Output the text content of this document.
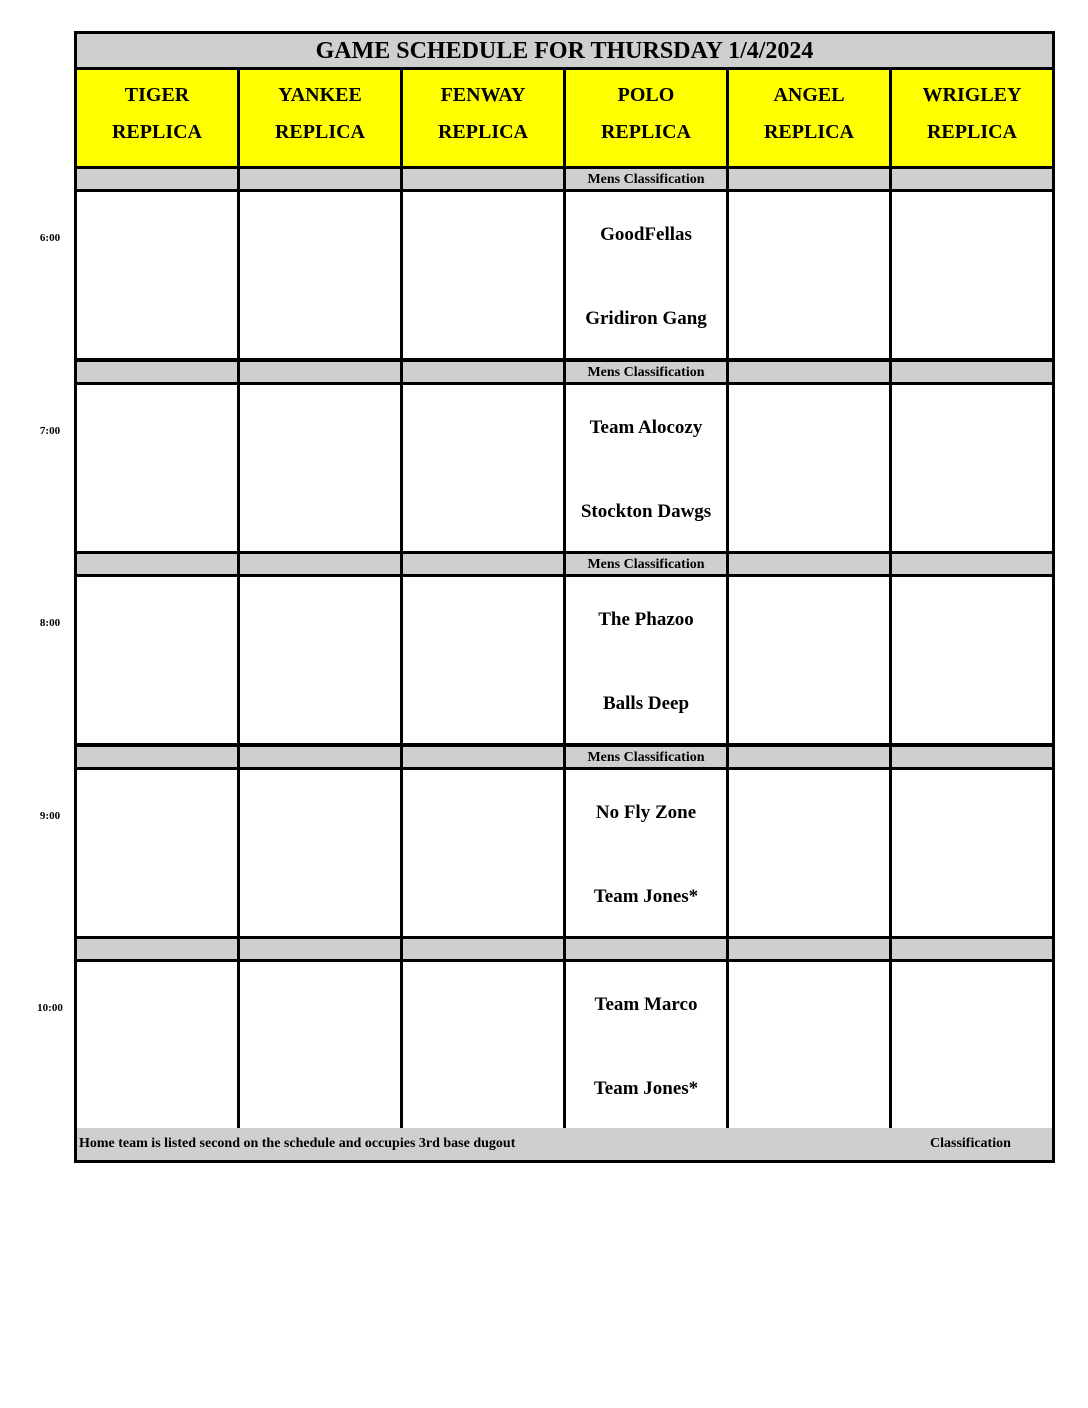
GAME SCHEDULE FOR THURSDAY 1/4/2024
TIGER
REPLICA
YANKEE
REPLICA
FENWAY
REPLICA
POLO
REPLICA
ANGEL
REPLICA
WRIGLEY
REPLICA
Mens Classification
GoodFellas
Gridiron Gang
Mens Classification
Team Alocozy
Stockton Dawgs
Mens Classification
The Phazoo
Balls Deep
Mens Classification
No Fly Zone
Team Jones*
Team Marco
Team Jones*
Home team is listed second on the schedule and occupies 3rd base dugout	Classification
6:00
7:00
8:00
9:00
10:00
